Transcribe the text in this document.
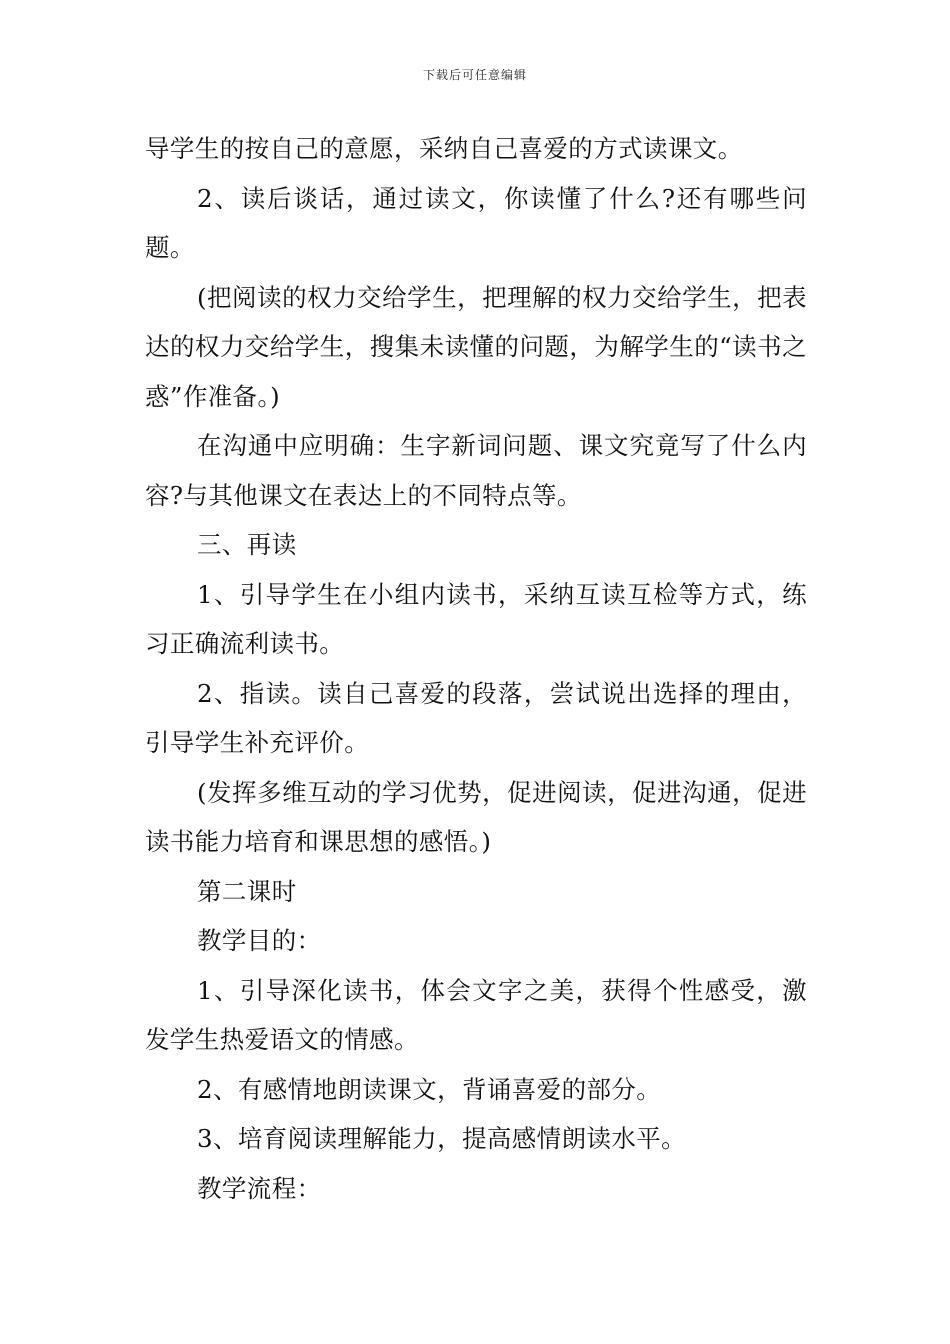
下载后可任意编辑

导学生的按自己的意愿，采纳自己喜爱的方式读课文。

2、读后谈话，通过读文，你读懂了什么?还有哪些问题。

(把阅读的权力交给学生，把理解的权力交给学生，把表达的权力交给学生，搜集未读懂的问题，为解学生的“读书之惑”作准备。)

在沟通中应明确：生字新词问题、课文究竟写了什么内容?与其他课文在表达上的不同特点等。

三、再读

1、引导学生在小组内读书，采纳互读互检等方式，练习正确流利读书。

2、指读。读自己喜爱的段落，尝试说出选择的理由，引导学生补充评价。

(发挥多维互动的学习优势，促进阅读，促进沟通，促进读书能力培育和课思想的感悟。)

第二课时

教学目的：

1、引导深化读书，体会文字之美，获得个性感受，激发学生热爱语文的情感。

2、有感情地朗读课文，背诵喜爱的部分。

3、培育阅读理解能力，提高感情朗读水平。

教学流程：
